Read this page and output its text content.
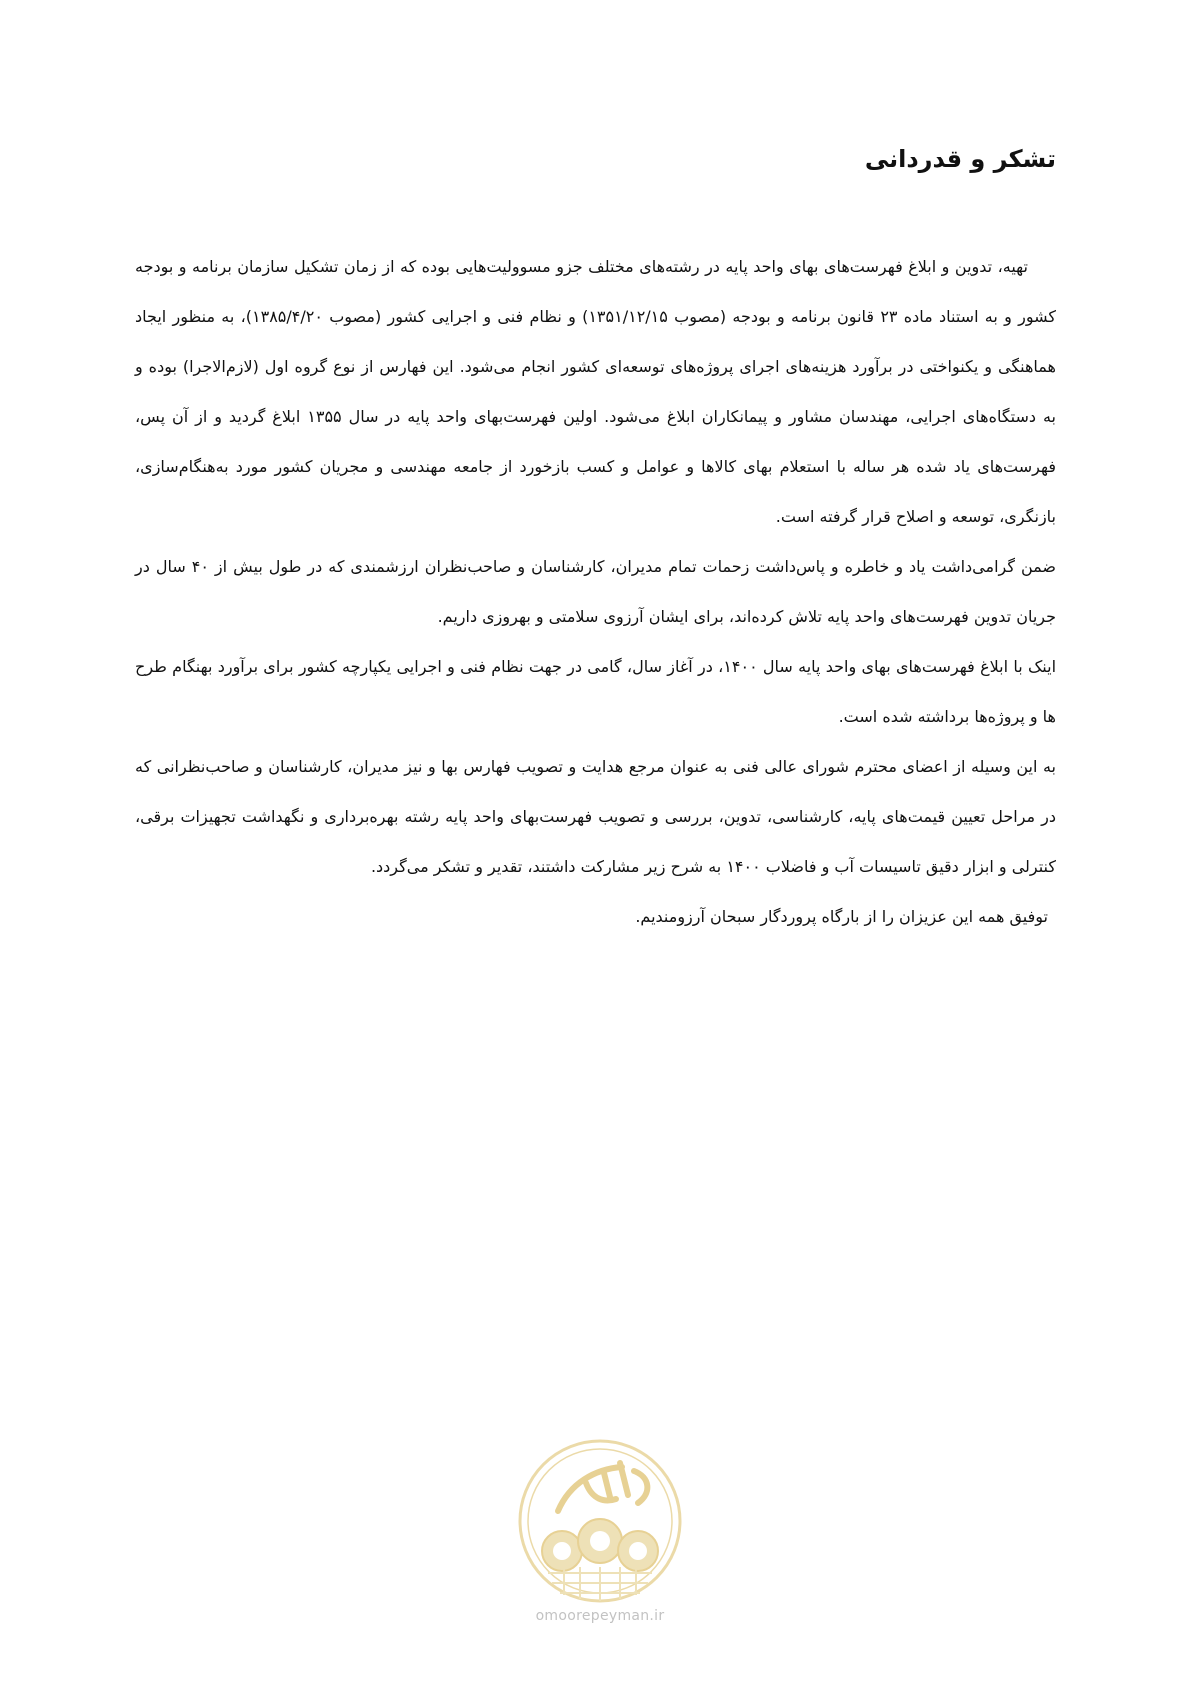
تشکر و قدردانی

تهیه، تدوین و ابلاغ فهرست‌های بهای واحد پایه در رشته‌های مختلف جزو مسوولیت‌هایی بوده که از زمان تشکیل سازمان برنامه و بودجه کشور و به استناد ماده ۲۳ قانون برنامه و بودجه (مصوب ۱۳۵۱/۱۲/۱۵) و نظام فنی و اجرایی کشور (مصوب ۱۳۸۵/۴/۲۰)، به منظور ایجاد هماهنگی و یکنواختی در برآورد هزینه‌های اجرای پروژه‌های توسعه‌ای کشور انجام می‌شود. این فهارس از نوع گروه اول (لازم‌الاجرا) بوده و به دستگاه‌های اجرایی، مهندسان مشاور و پیمانکاران ابلاغ می‌شود. اولین فهرست‌بهای واحد پایه در سال ۱۳۵۵ ابلاغ گردید و از آن پس، فهرست‌های یاد شده هر ساله با استعلام بهای کالاها و عوامل و کسب بازخورد از جامعه مهندسی و مجریان کشور مورد به‌هنگام‌سازی، بازنگری، توسعه و اصلاح قرار گرفته است.

ضمن گرامی‌داشت یاد و خاطره و پاس‌داشت زحمات تمام مدیران، کارشناسان و صاحب‌نظران ارزشمندی که در طول بیش از ۴۰ سال در جریان تدوین فهرست‌های واحد پایه تلاش کرده‌اند، برای ایشان آرزوی سلامتی و بهروزی داریم.

اینک با ابلاغ فهرست‌های بهای واحد پایه سال ۱۴۰۰، در آغاز سال، گامی در جهت نظام فنی و اجرایی یکپارچه کشور برای برآورد بهنگام طرح ها و پروژه‌ها برداشته شده است.

به این وسیله از اعضای محترم شورای عالی فنی به عنوان مرجع هدایت و تصویب فهارس بها و نیز مدیران، کارشناسان و صاحب‌نظرانی که در مراحل تعیین قیمت‌های پایه، کارشناسی، تدوین، بررسی و تصویب فهرست‌بهای واحد پایه رشته بهره‌برداری و نگهداشت تجهیزات برقی، کنترلی و ابزار دقیق تاسیسات آب و فاضلاب ۱۴۰۰ به شرح زیر مشارکت داشتند، تقدیر و تشکر می‌گردد.

توفیق همه این عزیزان را از بارگاه پروردگار سبحان آرزومندیم.

omoorepeyman.ir
